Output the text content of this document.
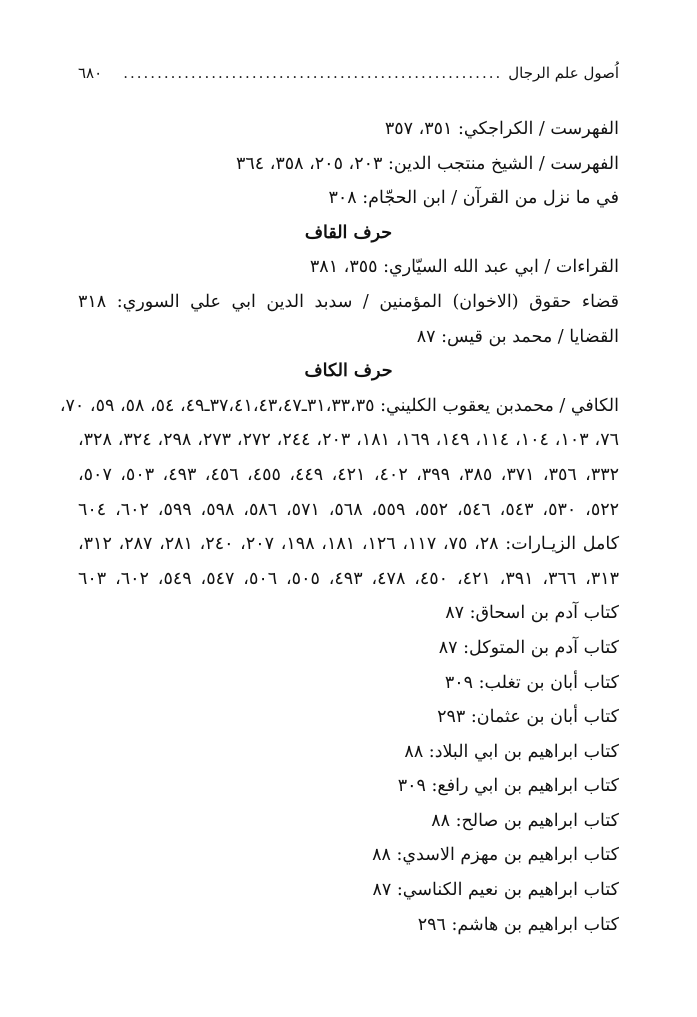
اُصول علم الرجال
........................................................
٦٨٠
الفهرست / الكراجكي: ٣٥١، ٣٥٧
الفهرست / الشيخ منتجب الدين: ٢٠٣، ٢٠٥، ٣٥٨، ٣٦٤
في ما نزل من القرآن / ابن الحجّام: ٣٠٨
حرف القاف
القراءات / ابي عبد الله السيّاري: ٣٥٥، ٣٨١
قضاء حقوق (الاخوان) المؤمنين / سدبد الدين ابي علي السوري: ٣١٨
القضايا / محمد بن قيس: ٨٧
حرف الكاف
الكافي / محمدبن يعقوب الكليني: ٣١،٣٣،٣٥ـ٣٧،٤١،٤٣،٤٧ـ٤٩، ٥٤، ٥٨، ٥٩، ٧٠،
٧٦، ١٠٣، ١٠٤، ١١٤، ١٤٩، ١٦٩، ١٨١، ٢٠٣، ٢٤٤، ٢٧٢، ٢٧٣، ٢٩٨، ٣٢٤، ٣٢٨،
٣٣٢، ٣٥٦، ٣٧١، ٣٨٥، ٣٩٩، ٤٠٢، ٤٢١، ٤٤٩، ٤٥٥، ٤٥٦، ٤٩٣، ٥٠٣، ٥٠٧،
٥٢٢، ٥٣٠، ٥٤٣، ٥٤٦، ٥٥٢، ٥٥٩، ٥٦٨، ٥٧١، ٥٨٦، ٥٩٨، ٥٩٩، ٦٠٢، ٦٠٤
كامل الزيـارات: ٢٨، ٧٥، ١١٧، ١٢٦، ١٨١، ١٩٨، ٢٠٧، ٢٤٠، ٢٨١، ٢٨٧، ٣١٢،
٣١٣، ٣٦٦، ٣٩١، ٤٢١، ٤٥٠، ٤٧٨، ٤٩٣، ٥٠٥، ٥٠٦، ٥٤٧، ٥٤٩، ٦٠٢، ٦٠٣
كتاب آدم بن اسحاق: ٨٧
كتاب آدم بن المتوكل: ٨٧
كتاب أبان بن تغلب: ٣٠٩
كتاب أبان بن عثمان: ٢٩٣
كتاب ابراهيم بن ابي البلاد: ٨٨
كتاب ابراهيم بن ابي رافع: ٣٠٩
كتاب ابراهيم بن صالح: ٨٨
كتاب ابراهيم بن مهزم الاسدي: ٨٨
كتاب ابراهيم بن نعيم الكناسي: ٨٧
كتاب ابراهيم بن هاشم: ٢٩٦
